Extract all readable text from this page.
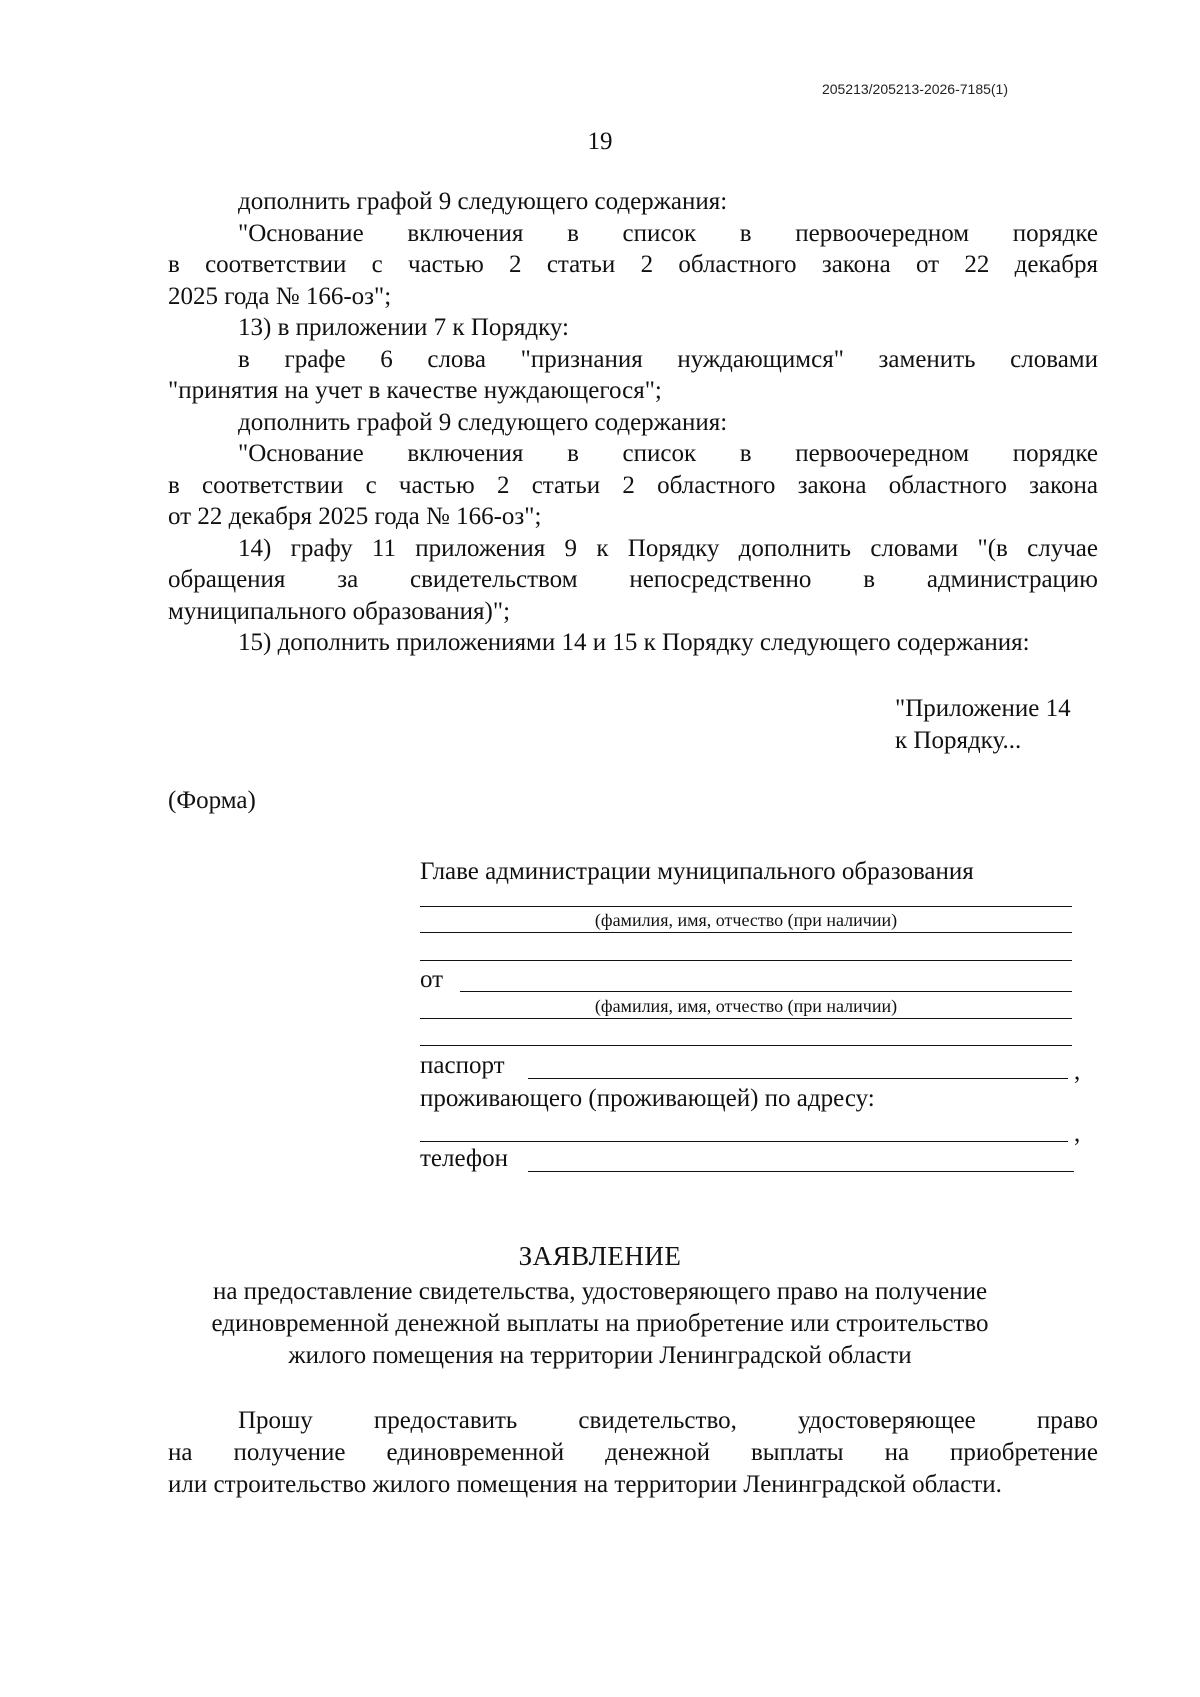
205213/205213-2026-7185(1)
19
дополнить графой 9 следующего содержания:
"Основание включения в список в первоочередном порядке
в соответствии с частью 2 статьи 2 областного закона от 22 декабря
2025 года № 166-оз";
13) в приложении 7 к Порядку:
в графе 6 слова "признания нуждающимся" заменить словами
"принятия на учет в качестве нуждающегося";
дополнить графой 9 следующего содержания:
"Основание включения в список в первоочередном порядке
в соответствии с частью 2 статьи 2 областного закона областного закона
от 22 декабря 2025 года № 166-оз";
14) графу 11 приложения 9 к Порядку дополнить словами "(в случае
обращения за свидетельством непосредственно в администрацию
муниципального образования)";
15) дополнить приложениями 14 и 15 к Порядку следующего содержания:
"Приложение 14
к Порядку...
(Форма)
Главе администрации муниципального образования
(фамилия, имя, отчество (при наличии)
от
(фамилия, имя, отчество (при наличии)
паспорт	,
проживающего (проживающей) по адресу:
,
телефон
ЗАЯВЛЕНИЕ
на предоставление свидетельства, удостоверяющего право на получение
единовременной денежной выплаты на приобретение или строительство
жилого помещения на территории Ленинградской области
Прошу предоставить свидетельство, удостоверяющее право
на получение единовременной денежной выплаты на приобретение
или строительство жилого помещения на территории Ленинградской области.
